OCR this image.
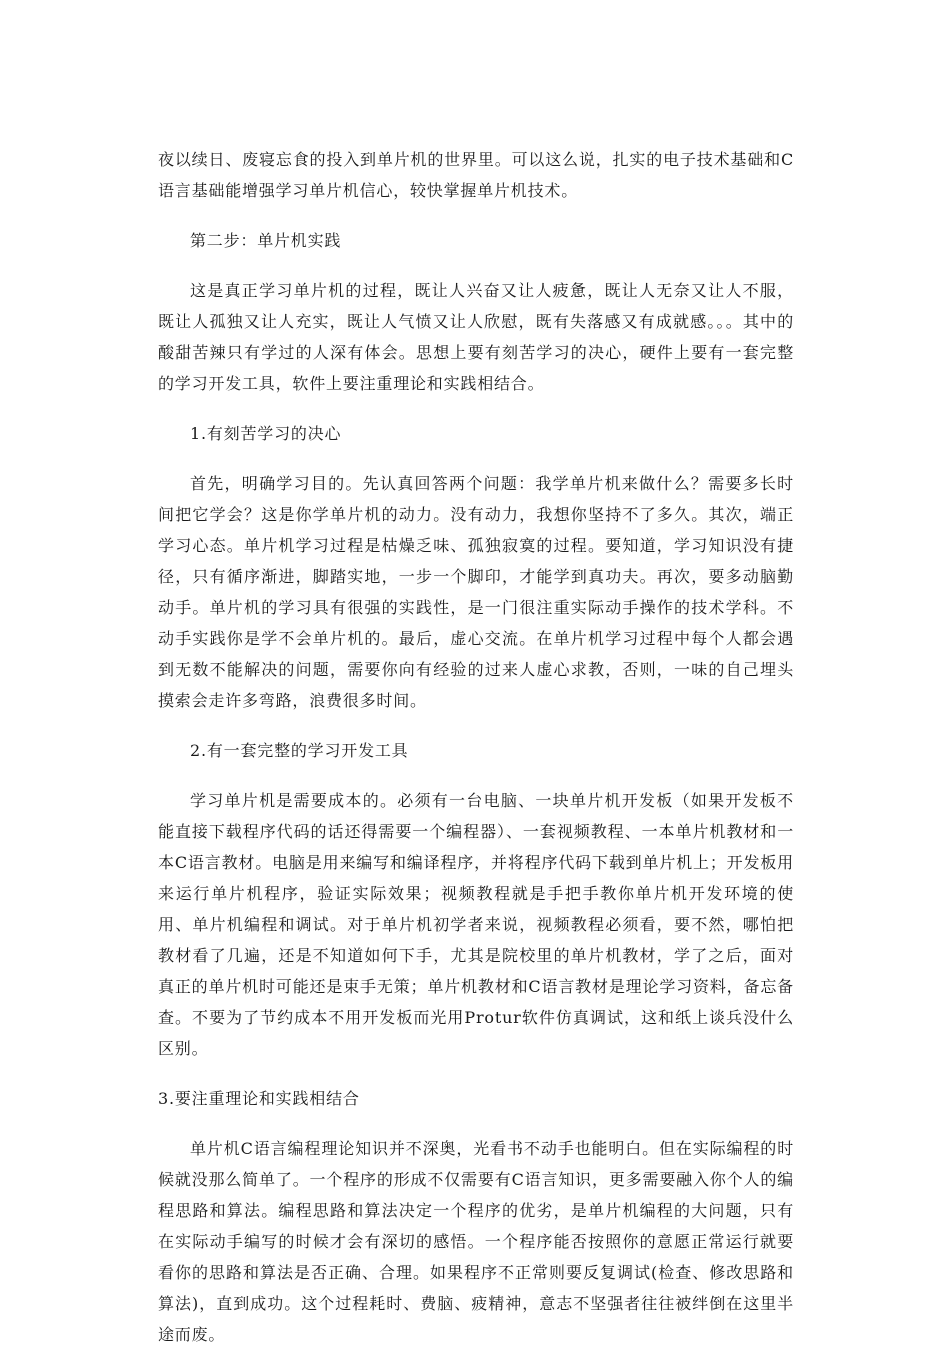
夜以续日、废寝忘食的投入到单片机的世界里。可以这么说，扎实的电子技术基础和C语言基础能增强学习单片机信心，较快掌握单片机技术。

第二步：单片机实践

这是真正学习单片机的过程，既让人兴奋又让人疲惫，既让人无奈又让人不服，既让人孤独又让人充实，既让人气愤又让人欣慰，既有失落感又有成就感。。。其中的酸甜苦辣只有学过的人深有体会。思想上要有刻苦学习的决心，硬件上要有一套完整的学习开发工具，软件上要注重理论和实践相结合。

1.有刻苦学习的决心

首先，明确学习目的。先认真回答两个问题：我学单片机来做什么？需要多长时间把它学会？这是你学单片机的动力。没有动力，我想你坚持不了多久。其次，端正学习心态。单片机学习过程是枯燥乏味、孤独寂寞的过程。要知道，学习知识没有捷径，只有循序渐进，脚踏实地，一步一个脚印，才能学到真功夫。再次，要多动脑勤动手。单片机的学习具有很强的实践性，是一门很注重实际动手操作的技术学科。不动手实践你是学不会单片机的。最后，虚心交流。在单片机学习过程中每个人都会遇到无数不能解决的问题，需要你向有经验的过来人虚心求教，否则，一味的自己埋头摸索会走许多弯路，浪费很多时间。

2.有一套完整的学习开发工具

学习单片机是需要成本的。必须有一台电脑、一块单片机开发板（如果开发板不能直接下载程序代码的话还得需要一个编程器）、一套视频教程、一本单片机教材和一本C语言教材。电脑是用来编写和编译程序，并将程序代码下载到单片机上；开发板用来运行单片机程序，验证实际效果；视频教程就是手把手教你单片机开发环境的使用、单片机编程和调试。对于单片机初学者来说，视频教程必须看，要不然，哪怕把教材看了几遍，还是不知道如何下手，尤其是院校里的单片机教材，学了之后，面对真正的单片机时可能还是束手无策；单片机教材和C语言教材是理论学习资料，备忘备查。不要为了节约成本不用开发板而光用Protur软件仿真调试，这和纸上谈兵没什么区别。

3.要注重理论和实践相结合

单片机C语言编程理论知识并不深奥，光看书不动手也能明白。但在实际编程的时候就没那么简单了。一个程序的形成不仅需要有C语言知识，更多需要融入你个人的编程思路和算法。编程思路和算法决定一个程序的优劣，是单片机编程的大问题，只有在实际动手编写的时候才会有深切的感悟。一个程序能否按照你的意愿正常运行就要看你的思路和算法是否正确、合理。如果程序不正常则要反复调试(检查、修改思路和算法)，直到成功。这个过程耗时、费脑、疲精神，意志不坚强者往往被绊倒在这里半途而废。
